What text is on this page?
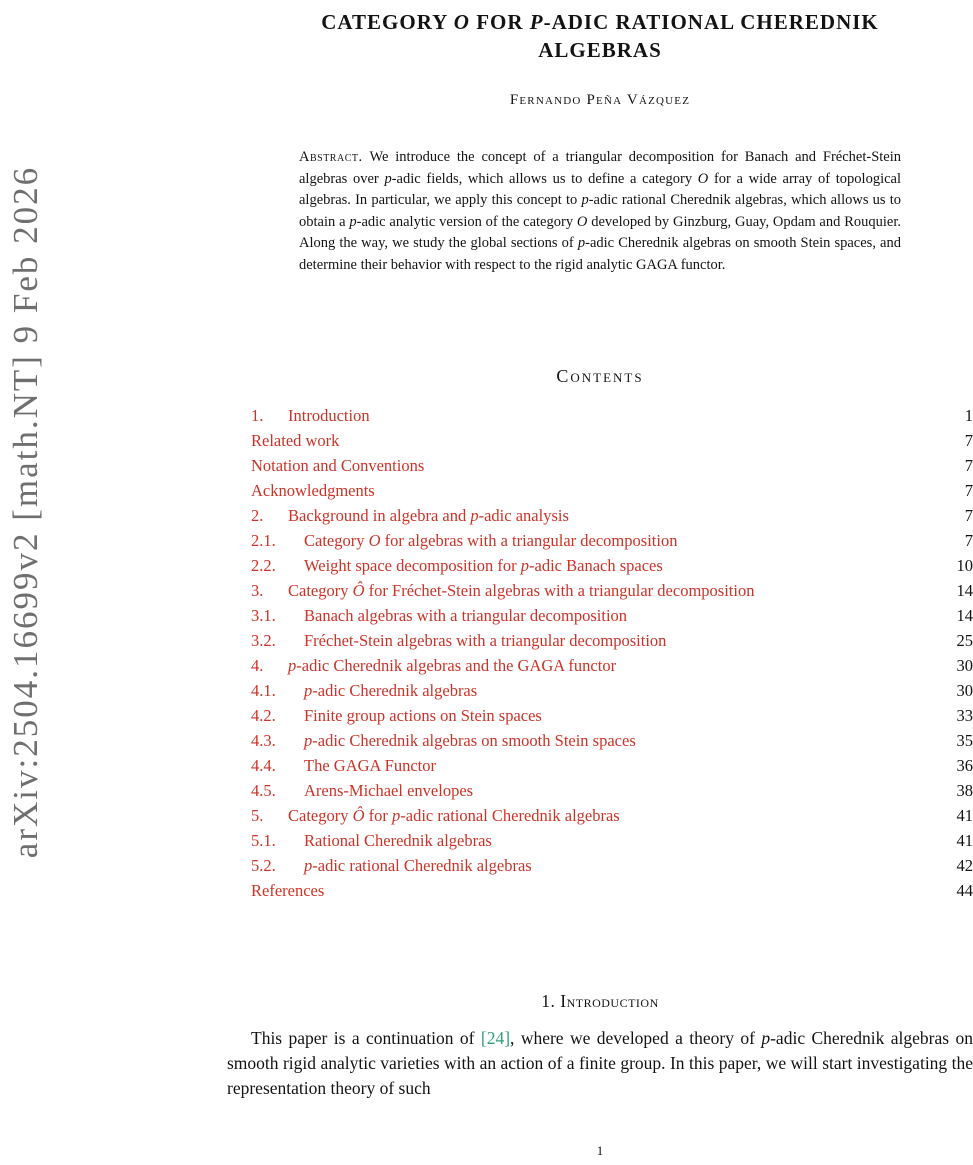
arXiv:2504.16699v2 [math.NT] 9 Feb 2026
CATEGORY O FOR P-ADIC RATIONAL CHEREDNIK ALGEBRAS
Fernando Peña Vázquez

Abstract. We introduce the concept of a triangular decomposition for Banach and Fréchet-Stein algebras over p-adic fields, which allows us to define a category O for a wide array of topological algebras. In particular, we apply this concept to p-adic rational Cherednik algebras, which allows us to obtain a p-adic analytic version of the category O developed by Ginzburg, Guay, Opdam and Rouquier. Along the way, we study the global sections of p-adic Cherednik algebras on smooth Stein spaces, and determine their behavior with respect to the rigid analytic GAGA functor.

Contents
1. Introduction	1
Related work	7
Notation and Conventions	7
Acknowledgments	7
2. Background in algebra and p-adic analysis	7
2.1. Category O for algebras with a triangular decomposition	7
2.2. Weight space decomposition for p-adic Banach spaces	10
3. Category Ô for Fréchet-Stein algebras with a triangular decomposition	14
3.1. Banach algebras with a triangular decomposition	14
3.2. Fréchet-Stein algebras with a triangular decomposition	25
4. p-adic Cherednik algebras and the GAGA functor	30
4.1. p-adic Cherednik algebras	30
4.2. Finite group actions on Stein spaces	33
4.3. p-adic Cherednik algebras on smooth Stein spaces	35
4.4. The GAGA Functor	36
4.5. Arens-Michael envelopes	38
5. Category Ô for p-adic rational Cherednik algebras	41
5.1. Rational Cherednik algebras	41
5.2. p-adic rational Cherednik algebras	42
References	44
1. Introduction

This paper is a continuation of [24], where we developed a theory of p-adic Cherednik algebras on smooth rigid analytic varieties with an action of a finite group. In this paper, we will start investigating the representation theory of such

1
